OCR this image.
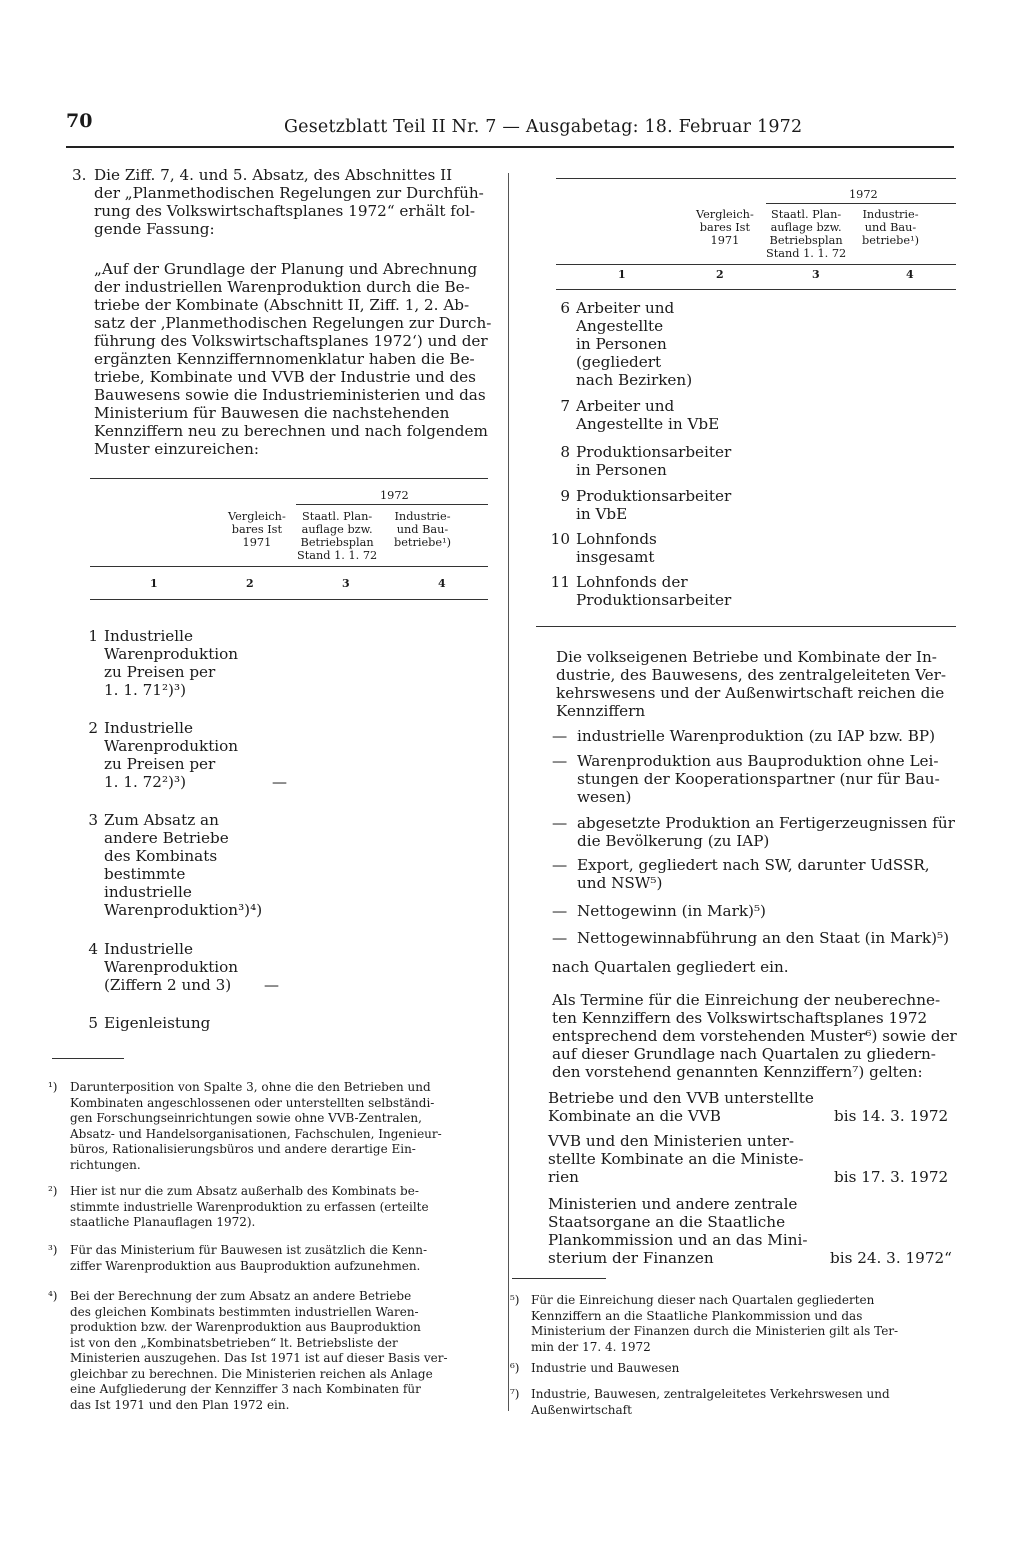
70	Gesetzblatt Teil II Nr. 7 — Ausgabetag: 18. Februar 1972
3. Die Ziff. 7, 4. und 5. Absatz, des Abschnittes II
der „Planmethodischen Regelungen zur Durchfüh-
rung des Volkswirtschaftsplanes 1972“ erhält fol-
gende Fassung:
„Auf der Grundlage der Planung und Abrechnung
der industriellen Warenproduktion durch die Be-
triebe der Kombinate (Abschnitt II, Ziff. 1, 2. Ab-
satz der ‚Planmethodischen Regelungen zur Durch-
führung des Volkswirtschaftsplanes 1972‘) und der
ergänzten Kennziffernnomenklatur haben die Be-
triebe, Kombinate und VVB der Industrie und des
Bauwesens sowie die Industrieministerien und das
Ministerium für Bauwesen die nachstehenden
Kennziffern neu zu berechnen und nach folgendem
Muster einzureichen:
1972
Vergleich-
bares Ist
1971
Staatl. Plan-
auflage bzw.
Betriebsplan
Stand 1. 1. 72
Industrie-
und Bau-
betriebe¹)
1	2	3	4
1 Industrielle
Warenproduktion
zu Preisen per
1. 1. 71²)³)
2 Industrielle
Warenproduktion
zu Preisen per
1. 1. 72²)³)	—
3 Zum Absatz an
andere Betriebe
des Kombinats
bestimmte
industrielle
Warenproduktion³)⁴)
4 Industrielle
Warenproduktion
(Ziffern 2 und 3)	—
5 Eigenleistung
¹) Darunterposition von Spalte 3, ohne die den Betrieben und
Kombinaten angeschlossenen oder unterstellten selbständi-
gen Forschungseinrichtungen sowie ohne VVB-Zentralen,
Absatz- und Handelsorganisationen, Fachschulen, Ingenieur-
büros, Rationalisierungsbüros und andere derartige Ein-
richtungen.
²) Hier ist nur die zum Absatz außerhalb des Kombinats be-
stimmte industrielle Warenproduktion zu erfassen (erteilte
staatliche Planauflagen 1972).
³) Für das Ministerium für Bauwesen ist zusätzlich die Kenn-
ziffer Warenproduktion aus Bauproduktion aufzunehmen.
⁴) Bei der Berechnung der zum Absatz an andere Betriebe
des gleichen Kombinats bestimmten industriellen Waren-
produktion bzw. der Warenproduktion aus Bauproduktion
ist von den „Kombinatsbetrieben“ lt. Betriebsliste der
Ministerien auszugehen. Das Ist 1971 ist auf dieser Basis ver-
gleichbar zu berechnen. Die Ministerien reichen als Anlage
eine Aufgliederung der Kennziffer 3 nach Kombinaten für
das Ist 1971 und den Plan 1972 ein.
1972
Vergleich-
bares Ist
1971
Staatl. Plan-
auflage bzw.
Betriebsplan
Stand 1. 1. 72
Industrie-
und Bau-
betriebe¹)
1	2	3	4
6 Arbeiter und
Angestellte
in Personen
(gegliedert
nach Bezirken)
7 Arbeiter und
Angestellte in VbE
8 Produktionsarbeiter
in Personen
9 Produktionsarbeiter
in VbE
10 Lohnfonds
insgesamt
11 Lohnfonds der
Produktionsarbeiter
Die volkseigenen Betriebe und Kombinate der In-
dustrie, des Bauwesens, des zentralgeleiteten Ver-
kehrswesens und der Außenwirtschaft reichen die
Kennziffern
— industrielle Warenproduktion (zu IAP bzw. BP)
— Warenproduktion aus Bauproduktion ohne Lei-
stungen der Kooperationspartner (nur für Bau-
wesen)
— abgesetzte Produktion an Fertigerzeugnissen für
die Bevölkerung (zu IAP)
— Export, gegliedert nach SW, darunter UdSSR,
und NSW⁵)
— Nettogewinn (in Mark)⁵)
— Nettogewinnabführung an den Staat (in Mark)⁵)
nach Quartalen gegliedert ein.
Als Termine für die Einreichung der neuberechne-
ten Kennziffern des Volkswirtschaftsplanes 1972
entsprechend dem vorstehenden Muster⁶) sowie der
auf dieser Grundlage nach Quartalen zu gliedern-
den vorstehend genannten Kennziffern⁷) gelten:
Betriebe und den VVB unterstellte
Kombinate an die VVB	bis 14. 3. 1972
VVB und den Ministerien unter-
stellte Kombinate an die Ministe-
rien	bis 17. 3. 1972
Ministerien und andere zentrale
Staatsorgane an die Staatliche
Plankommission und an das Mini-
sterium der Finanzen	bis 24. 3. 1972“
⁵) Für die Einreichung dieser nach Quartalen gegliederten
Kennziffern an die Staatliche Plankommission und das
Ministerium der Finanzen durch die Ministerien gilt als Ter-
min der 17. 4. 1972
⁶) Industrie und Bauwesen
⁷) Industrie, Bauwesen, zentralgeleitetes Verkehrswesen und
Außenwirtschaft
